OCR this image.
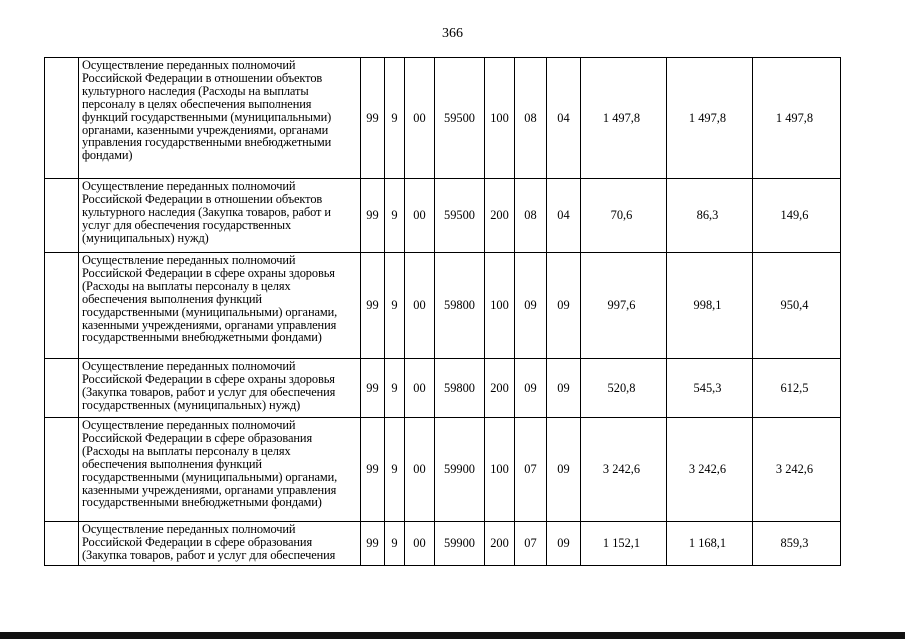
366
	Осуществление переданных полномочий Российской Федерации в отношении объектов культурного наследия (Расходы на выплаты персоналу в целях обеспечения выполнения функций государственными (муниципальными) органами, казенными учреждениями, органами управления государственными внебюджетными фондами)	99	9	00	59500	100	08	04	1 497,8	1 497,8	1 497,8
	Осуществление переданных полномочий Российской Федерации в отношении объектов культурного наследия (Закупка товаров, работ и услуг для обеспечения государственных (муниципальных) нужд)	99	9	00	59500	200	08	04	70,6	86,3	149,6
	Осуществление переданных полномочий Российской Федерации в сфере охраны здоровья (Расходы на выплаты персоналу в целях обеспечения выполнения функций государственными (муниципальными) органами, казенными учреждениями, органами управления государственными внебюджетными фондами)	99	9	00	59800	100	09	09	997,6	998,1	950,4
	Осуществление переданных полномочий Российской Федерации в сфере охраны здоровья (Закупка товаров, работ и услуг для обеспечения государственных (муниципальных) нужд)	99	9	00	59800	200	09	09	520,8	545,3	612,5
	Осуществление переданных полномочий Российской Федерации в сфере образования (Расходы на выплаты персоналу в целях обеспечения выполнения функций государственными (муниципальными) органами, казенными учреждениями, органами управления государственными внебюджетными фондами)	99	9	00	59900	100	07	09	3 242,6	3 242,6	3 242,6
	Осуществление переданных полномочий Российской Федерации в сфере образования (Закупка товаров, работ и услуг для обеспечения	99	9	00	59900	200	07	09	1 152,1	1 168,1	859,3
